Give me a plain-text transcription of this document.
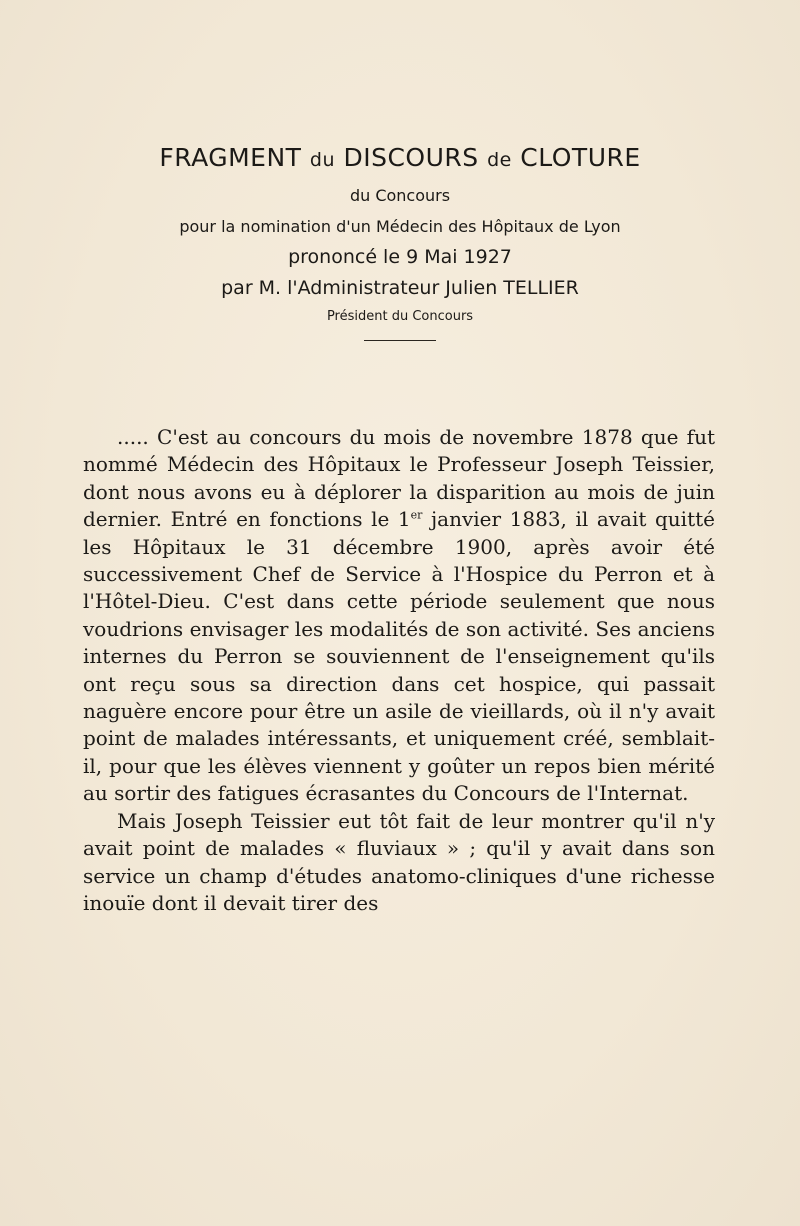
FRAGMENT du DISCOURS de CLOTURE

du Concours

pour la nomination d'un Médecin des Hôpitaux de Lyon

prononcé le 9 Mai 1927

par M. l'Administrateur Julien TELLIER

Président du Concours

..... C'est au concours du mois de novembre 1878 que fut nommé Médecin des Hôpitaux le Professeur Joseph Teissier, dont nous avons eu à déplorer la disparition au mois de juin dernier. Entré en fonctions le 1er janvier 1883, il avait quitté les Hôpitaux le 31 décembre 1900, après avoir été successivement Chef de Service à l'Hospice du Perron et à l'Hôtel-Dieu. C'est dans cette période seulement que nous voudrions envisager les modalités de son activité. Ses anciens internes du Perron se souviennent de l'enseignement qu'ils ont reçu sous sa direction dans cet hospice, qui passait naguère encore pour être un asile de vieillards, où il n'y avait point de malades intéressants, et uniquement créé, semblait-il, pour que les élèves viennent y goûter un repos bien mérité au sortir des fatigues écrasantes du Concours de l'Internat.

Mais Joseph Teissier eut tôt fait de leur montrer qu'il n'y avait point de malades « fluviaux » ; qu'il y avait dans son service un champ d'études anatomo-cliniques d'une richesse inouïe dont il devait tirer des
